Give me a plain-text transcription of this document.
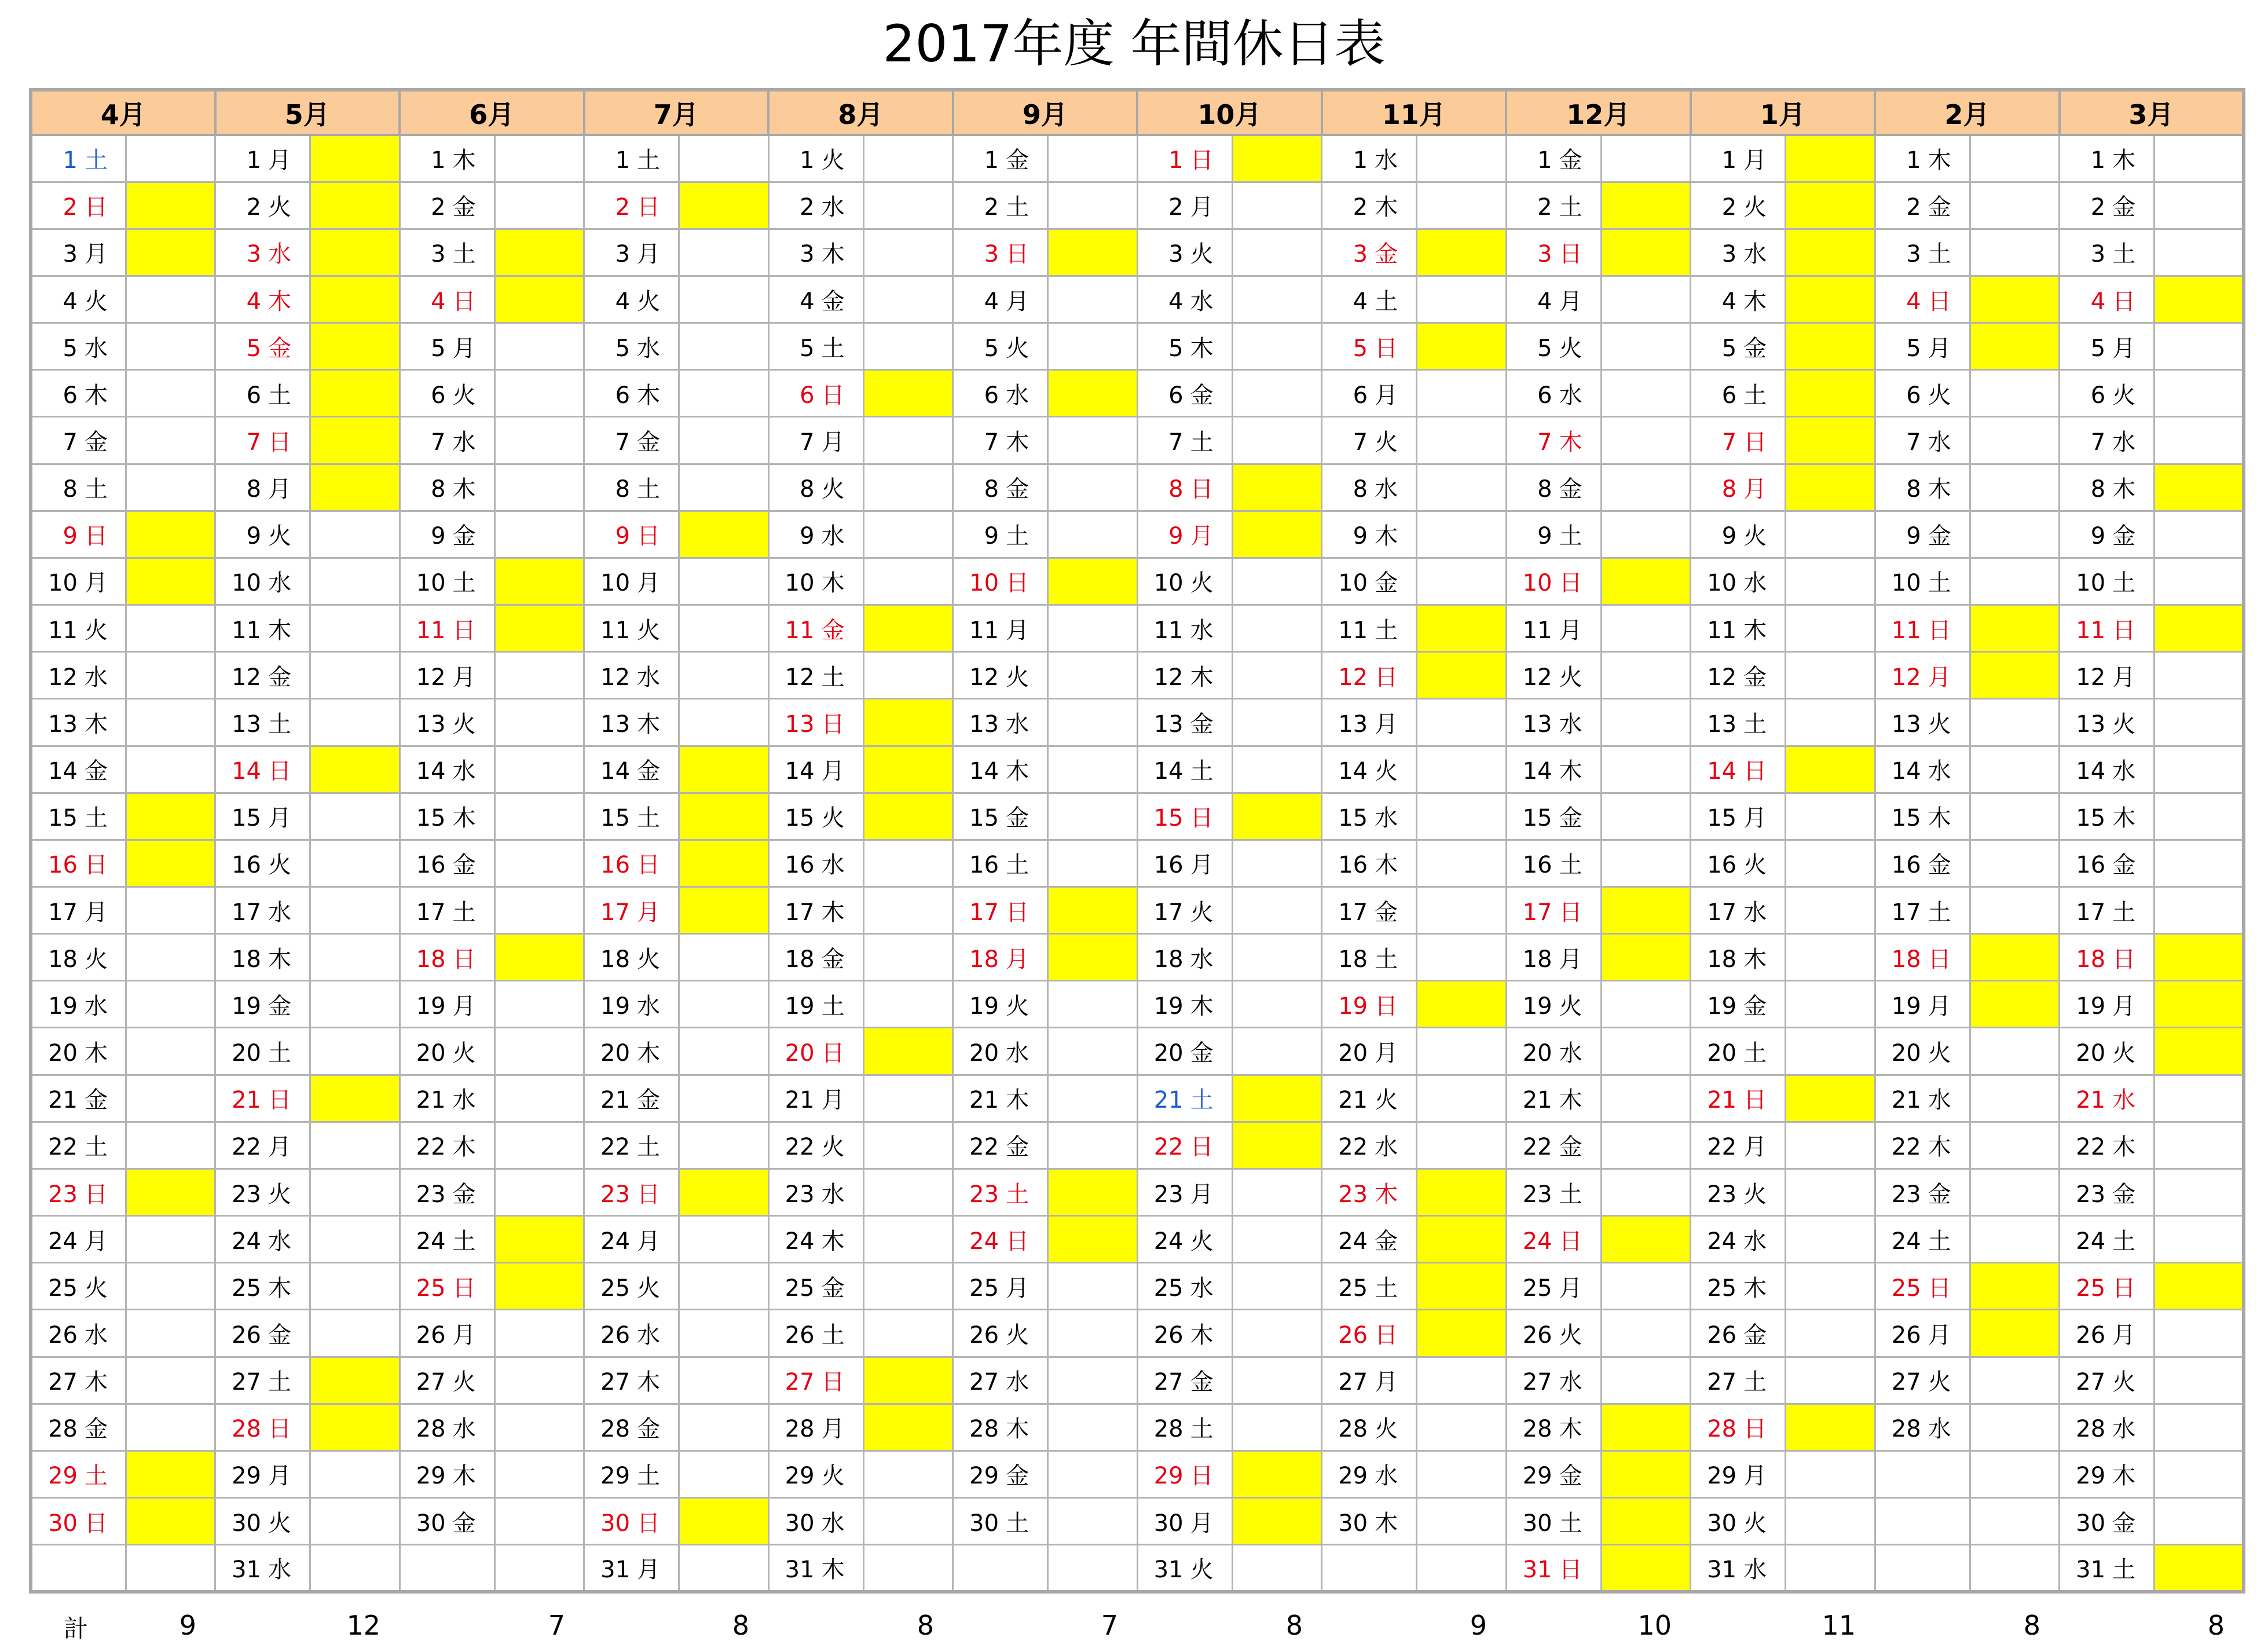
2017年度 年間休日表
4月		5月		6月		7月		8月		9月		10月		11月		12月		1月		2月		3月	
1 土		1 月		1 木		1 土		1 火		1 金		1 日		1 水		1 金		1 月		1 木		1 木	
2 日		2 火		2 金		2 日		2 水		2 土		2 月		2 木		2 土		2 火		2 金		2 金	
3 月		3 水		3 土		3 月		3 木		3 日		3 火		3 金		3 日		3 水		3 土		3 土	
4 火		4 木		4 日		4 火		4 金		4 月		4 水		4 土		4 月		4 木		4 日		4 日	
5 水		5 金		5 月		5 水		5 土		5 火		5 木		5 日		5 火		5 金		5 月		5 月	
6 木		6 土		6 火		6 木		6 日		6 水		6 金		6 月		6 水		6 土		6 火		6 火	
7 金		7 日		7 水		7 金		7 月		7 木		7 土		7 火		7 木		7 日		7 水		7 水	
8 土		8 月		8 木		8 土		8 火		8 金		8 日		8 水		8 金		8 月		8 木		8 木	
9 日		9 火		9 金		9 日		9 水		9 土		9 月		9 木		9 土		9 火		9 金		9 金	
10 月		10 水		10 土		10 月		10 木		10 日		10 火		10 金		10 日		10 水		10 土		10 土	
11 火		11 木		11 日		11 火		11 金		11 月		11 水		11 土		11 月		11 木		11 日		11 日	
12 水		12 金		12 月		12 水		12 土		12 火		12 木		12 日		12 火		12 金		12 月		12 月	
13 木		13 土		13 火		13 木		13 日		13 水		13 金		13 月		13 水		13 土		13 火		13 火	
14 金		14 日		14 水		14 金		14 月		14 木		14 土		14 火		14 木		14 日		14 水		14 水	
15 土		15 月		15 木		15 土		15 火		15 金		15 日		15 水		15 金		15 月		15 木		15 木	
16 日		16 火		16 金		16 日		16 水		16 土		16 月		16 木		16 土		16 火		16 金		16 金	
17 月		17 水		17 土		17 月		17 木		17 日		17 火		17 金		17 日		17 水		17 土		17 土	
18 火		18 木		18 日		18 火		18 金		18 月		18 水		18 土		18 月		18 木		18 日		18 日	
19 水		19 金		19 月		19 水		19 土		19 火		19 木		19 日		19 火		19 金		19 月		19 月	
20 木		20 土		20 火		20 木		20 日		20 水		20 金		20 月		20 水		20 土		20 火		20 火	
21 金		21 日		21 水		21 金		21 月		21 木		21 土		21 火		21 木		21 日		21 水		21 水	
22 土		22 月		22 木		22 土		22 火		22 金		22 日		22 水		22 金		22 月		22 木		22 木	
23 日		23 火		23 金		23 日		23 水		23 土		23 月		23 木		23 土		23 火		23 金		23 金	
24 月		24 水		24 土		24 月		24 木		24 日		24 火		24 金		24 日		24 水		24 土		24 土	
25 火		25 木		25 日		25 火		25 金		25 月		25 水		25 土		25 月		25 木		25 日		25 日	
26 水		26 金		26 月		26 水		26 土		26 火		26 木		26 日		26 火		26 金		26 月		26 月	
27 木		27 土		27 火		27 木		27 日		27 水		27 金		27 月		27 水		27 土		27 火		27 火	
28 金		28 日		28 水		28 金		28 月		28 木		28 土		28 火		28 木		28 日		28 水		28 水	
29 土		29 月		29 木		29 土		29 火		29 金		29 日		29 水		29 金		29 月				29 木	
30 日		30 火		30 金		30 日		30 水		30 土		30 月		30 木		30 土		30 火				30 金	
		31 水				31 月		31 木				31 火				31 日		31 水				31 土	
計	9	12	7	8	8	7	8	9	10	11	8	8
